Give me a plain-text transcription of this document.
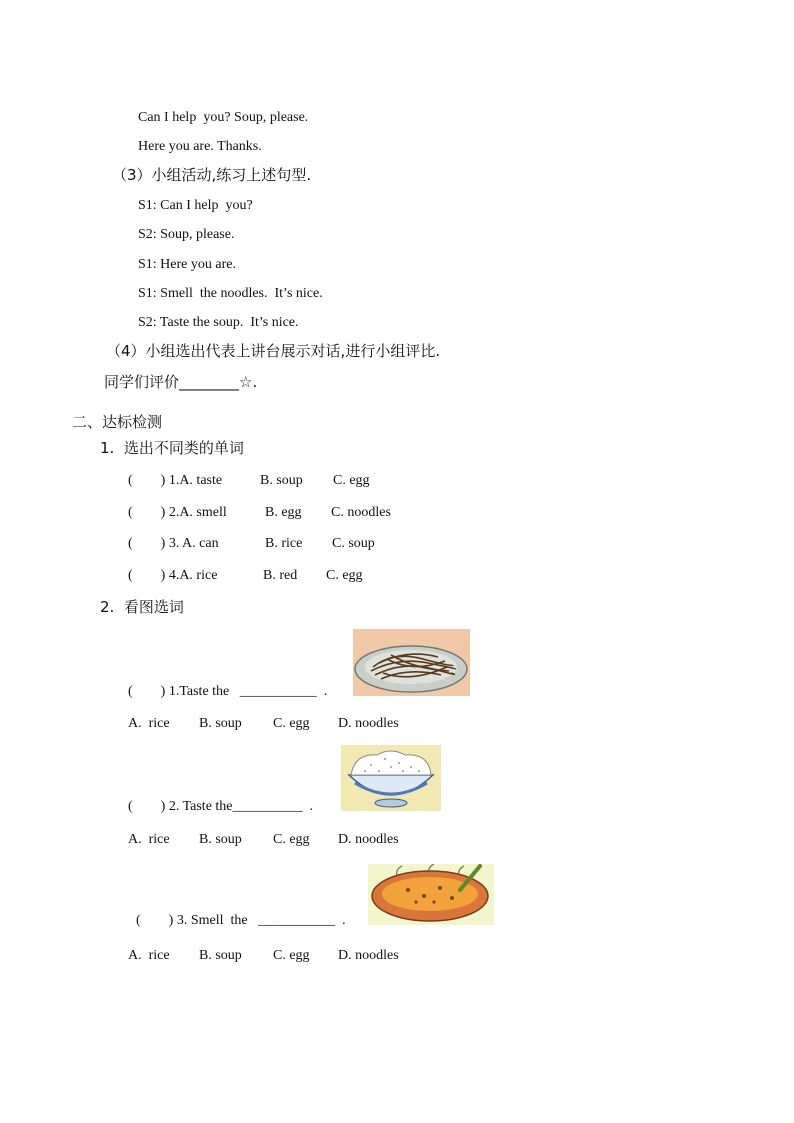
Can I help  you? Soup, please.
Here you are. Thanks.
（3）小组活动,练习上述句型.
S1: Can I help  you?
S2: Soup, please.
S1: Here you are.
S1: Smell  the noodles.  It’s nice.
S2: Taste the soup.  It’s nice.
（4）小组选出代表上讲台展示对话,进行小组评比.
同学们评价________☆.
二、达标检测
1.  选出不同类的单词
(        ) 1.A. taste	B. soup C. egg
(        ) 2.A. smell	B. egg C. noodles
(        ) 3. A. can	B. rice C. soup
(        ) 4.A. rice	B. red C. egg
2.  看图选词
(        ) 1.Taste the   ___________  .
A.  rice B. soup C. egg D. noodles
(        ) 2. Taste the__________  .
A.  rice B. soup C. egg D. noodles
(        ) 3. Smell  the   ___________  .
A.  rice B. soup C. egg D. noodles
